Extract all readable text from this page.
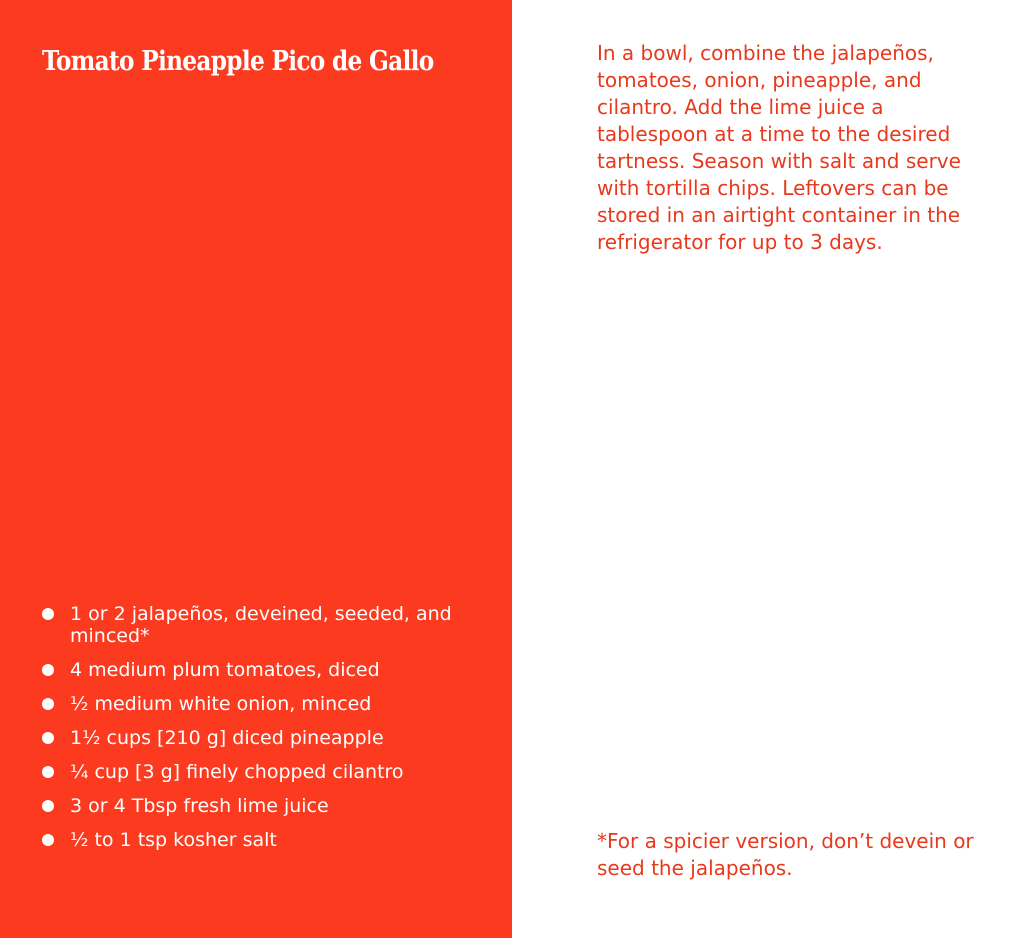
Tomato Pineapple Pico de Gallo
1 or 2 jalapeños, deveined, seeded, and minced*
4 medium plum tomatoes, diced
½ medium white onion, minced
1½ cups [210 g] diced pineapple
¼ cup [3 g] finely chopped cilantro
3 or 4 Tbsp fresh lime juice
½ to 1 tsp kosher salt

In a bowl, combine the jalapeños, tomatoes, onion, pineapple, and cilantro. Add the lime juice a tablespoon at a time to the desired tartness. Season with salt and serve with tortilla chips. Leftovers can be stored in an airtight container in the refrigerator for up to 3 days.

*For a spicier version, don’t devein or seed the jalapeños.
